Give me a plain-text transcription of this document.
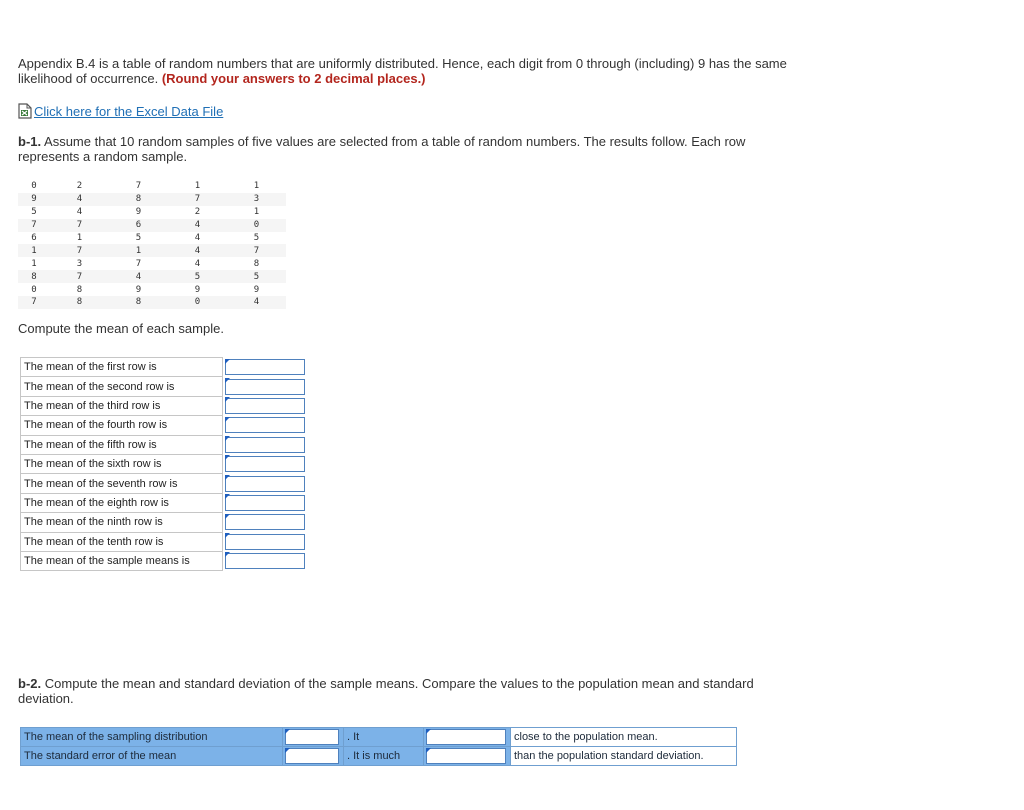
Appendix B.4 is a table of random numbers that are uniformly distributed. Hence, each digit from 0 through (including) 9 has the same likelihood of occurrence. (Round your answers to 2 decimal places.)
Click here for the Excel Data File
b-1. Assume that 10 random samples of five values are selected from a table of random numbers. The results follow. Each row represents a random sample.
0	2	7	1	1
9	4	8	7	3
5	4	9	2	1
7	7	6	4	0
6	1	5	4	5
1	7	1	4	7
1	3	7	4	8
8	7	4	5	5
0	8	9	9	9
7	8	8	0	4
Compute the mean of each sample.
The mean of the first row is	

The mean of the second row is	

The mean of the third row is	

The mean of the fourth row is	

The mean of the fifth row is	

The mean of the sixth row is	

The mean of the seventh row is	

The mean of the eighth row is	

The mean of the ninth row is	

The mean of the tenth row is	

The mean of the sample means is	
b-2. Compute the mean and standard deviation of the sample means. Compare the values to the population mean and standard deviation.
The mean of the sampling distribution		. It		close to the population mean.
The standard error of the mean		. It is much		than the population standard deviation.
